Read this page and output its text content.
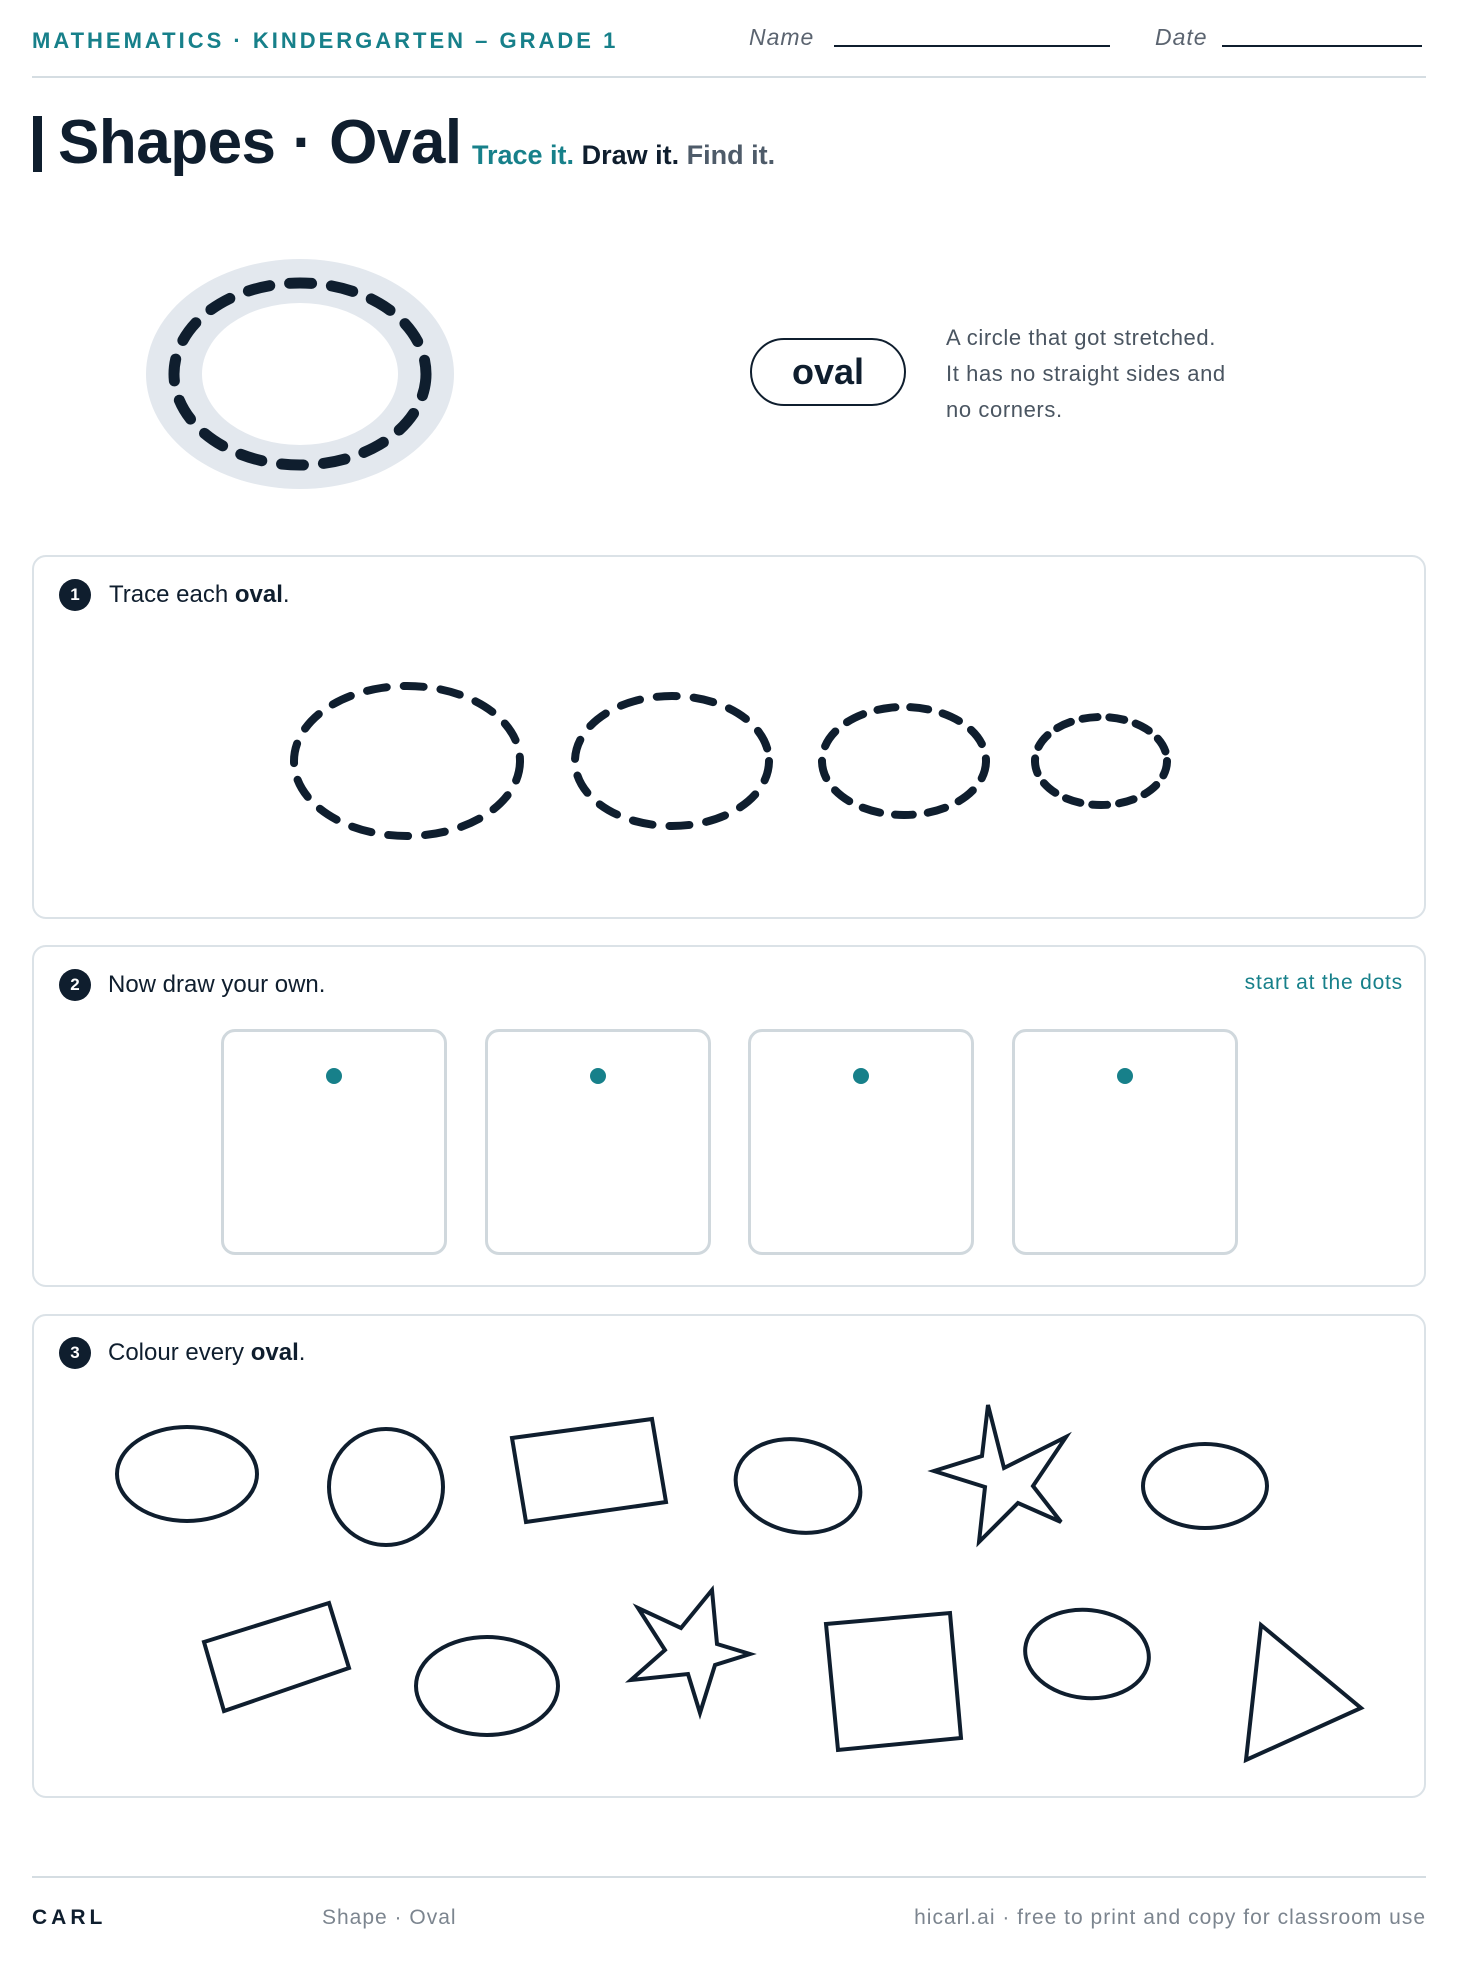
MATHEMATICS · KINDERGARTEN – GRADE 1	Name	Date
Shapes · Oval Trace it. Draw it. Find it.
oval
A circle that got stretched.
It has no straight sides and
no corners.
1	Trace each oval.
2	Now draw your own.	start at the dots
3	Colour every oval.
CARL	Shape · Oval	hicarl.ai · free to print and copy for classroom use
